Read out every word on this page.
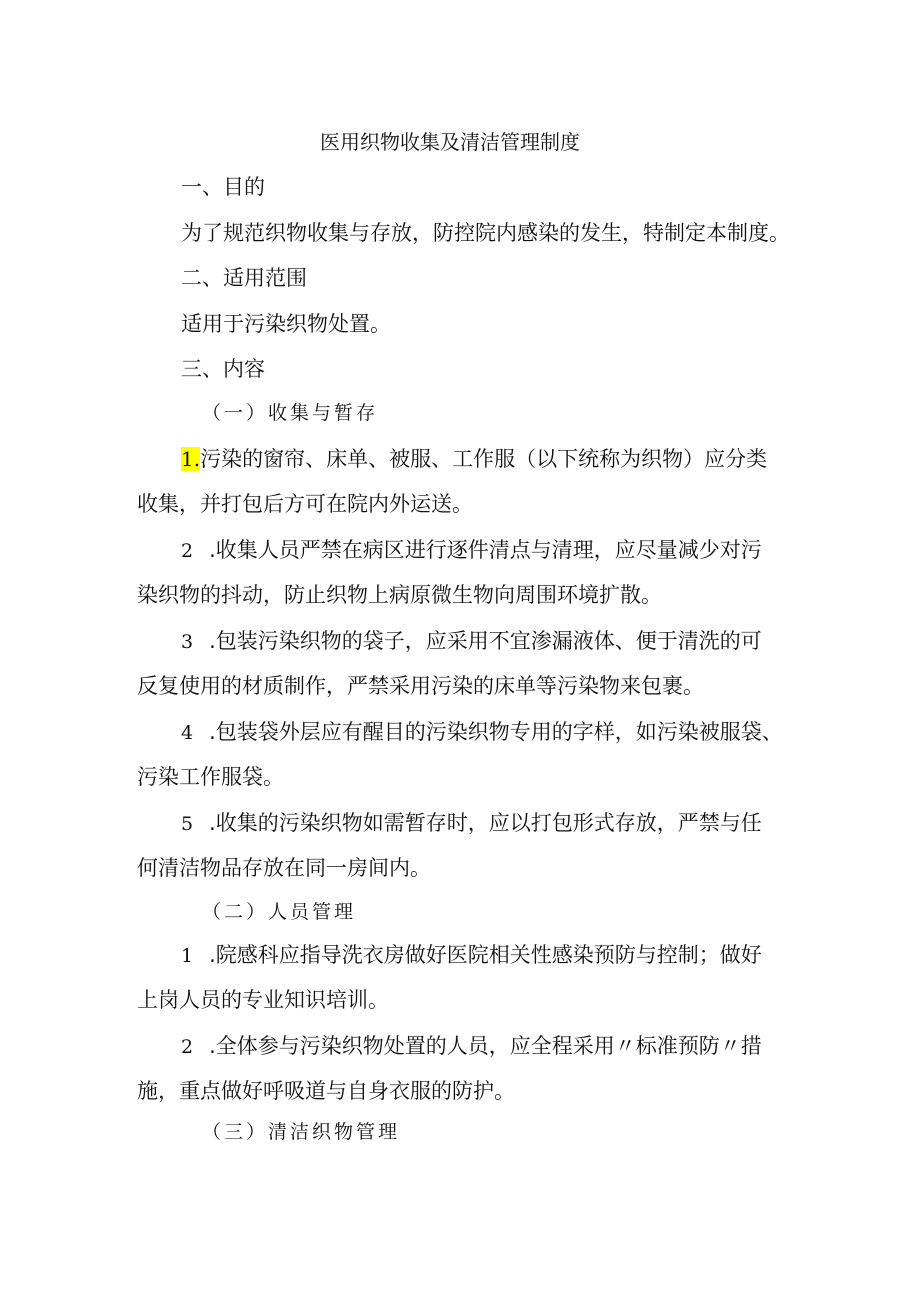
医用织物收集及清洁管理制度
一、目的
为了规范织物收集与存放，防控院内感染的发生，特制定本制度。
二、适用范围
适用于污染织物处置。
三、内容
（一）收集与暂存
1.污染的窗帘、床单、被服、工作服（以下统称为织物）应分类
收集，并打包后方可在院内外运送。
2 .收集人员严禁在病区进行逐件清点与清理，应尽量减少对污
染织物的抖动，防止织物上病原微生物向周围环境扩散。
3 .包装污染织物的袋子，应采用不宜渗漏液体、便于清洗的可
反复使用的材质制作，严禁采用污染的床单等污染物来包裹。
4 .包装袋外层应有醒目的污染织物专用的字样，如污染被服袋、
污染工作服袋。
5 .收集的污染织物如需暂存时，应以打包形式存放，严禁与任
何清洁物品存放在同一房间内。
（二）人员管理
1 .院感科应指导洗衣房做好医院相关性感染预防与控制；做好
上岗人员的专业知识培训。
2 .全体参与污染织物处置的人员，应全程采用〃标准预防〃措
施，重点做好呼吸道与自身衣服的防护。
（三）清洁织物管理
